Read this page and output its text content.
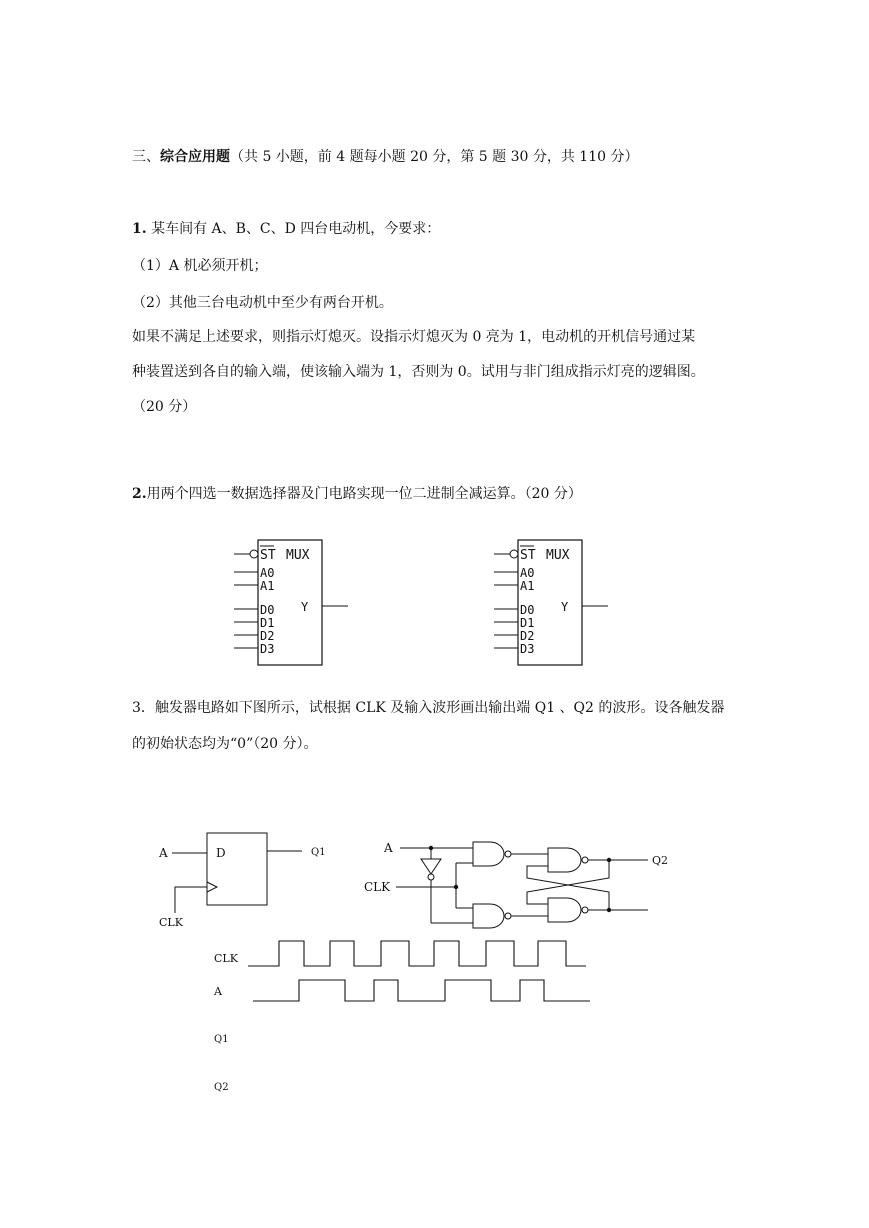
三、综合应用题（共 5 小题，前 4 题每小题 20 分，第 5 题 30 分，共 110 分）
1. 某车间有 A、B、C、D 四台电动机，今要求：
（1）A 机必须开机；
（2）其他三台电动机中至少有两台开机。
如果不满足上述要求，则指示灯熄灭。设指示灯熄灭为 0 亮为 1，电动机的开机信号通过某
种装置送到各自的输入端，使该输入端为 1，否则为 0。试用与非门组成指示灯亮的逻辑图。
（20 分）
2.用两个四选一数据选择器及门电路实现一位二进制全减运算。（20 分）
ST MUX
A0
A1
D0
D1
D2
D3
Y
ST MUX
A0
A1
D0
D1
D2
D3
Y
3．触发器电路如下图所示，试根据 CLK 及输入波形画出输出端 Q1 、Q2 的波形。设各触发器
的初始状态均为“0”（20 分）。
A	D	Q1
CLK
A
CLK
Q2
CLK
A
Q1
Q2
